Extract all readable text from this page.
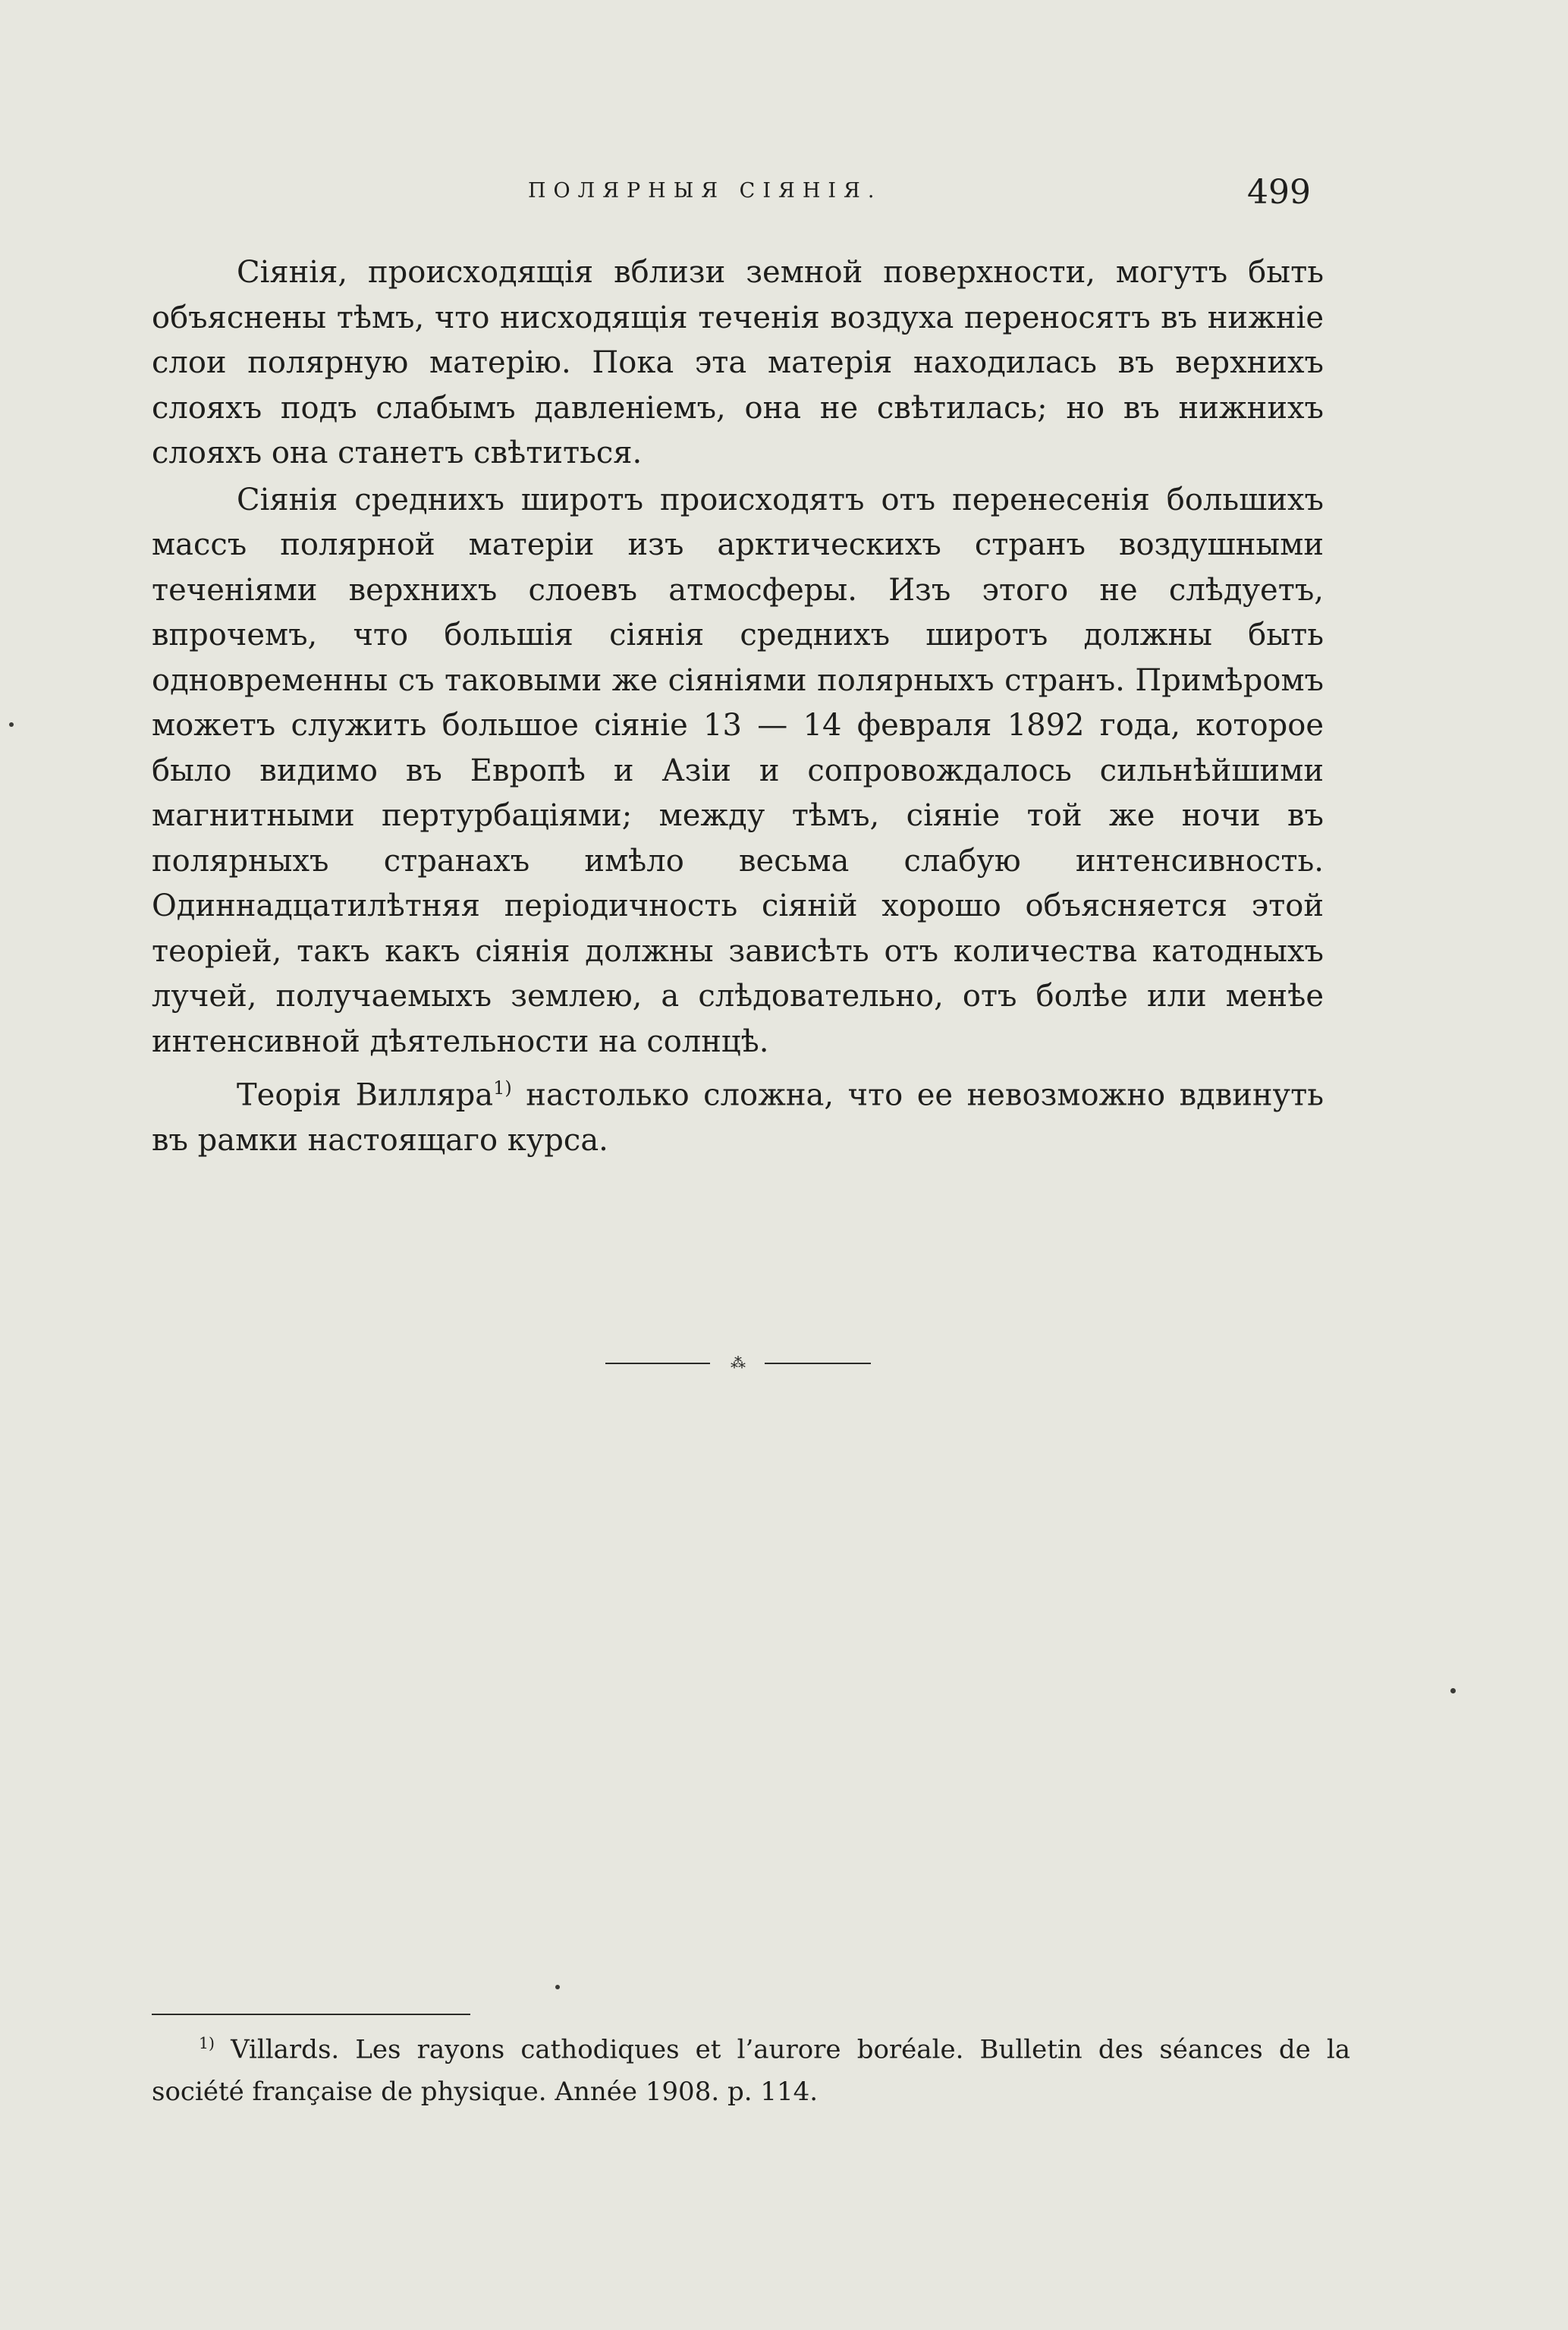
ПОЛЯРНЫЯ СІЯНІЯ.	499

Сіянія, происходящія вблизи земной поверхности, могутъ быть объяснены тѣмъ, что нисходящія теченія воздуха переносятъ въ нижніе слои полярную матерію. Пока эта матерія находилась въ верхнихъ слояхъ подъ слабымъ давленіемъ, она не свѣтилась; но въ нижнихъ слояхъ она станетъ свѣтиться.

Сіянія среднихъ широтъ происходятъ отъ перенесенія большихъ массъ полярной матеріи изъ арктическихъ странъ воздушными теченіями верхнихъ слоевъ атмосферы. Изъ этого не слѣдуетъ, впрочемъ, что большія сіянія среднихъ широтъ должны быть одновременны съ таковыми же сіяніями полярныхъ странъ. Примѣромъ можетъ служить большое сіяніе 13 — 14 февраля 1892 года, которое было видимо въ Европѣ и Азіи и сопровождалось сильнѣйшими магнитными пертурбаціями; между тѣмъ, сіяніе той же ночи въ полярныхъ странахъ имѣло весьма слабую интенсивность. Одиннадцатилѣтняя періодичность сіяній хорошо объясняется этой теоріей, такъ какъ сіянія должны зависѣть отъ количества катодныхъ лучей, получаемыхъ землею, а слѣдовательно, отъ болѣе или менѣе интенсивной дѣятельности на солнцѣ.

Теорія Вилляра$^{1)}$ настолько сложна, что ее невозможно вдвинуть въ рамки настоящаго курса.

⁂

$^{1)}$ Villards. Les rayons cathodiques et l’aurore boréale. Bulletin des séances de la société française de physique. Année 1908. p. 114.
